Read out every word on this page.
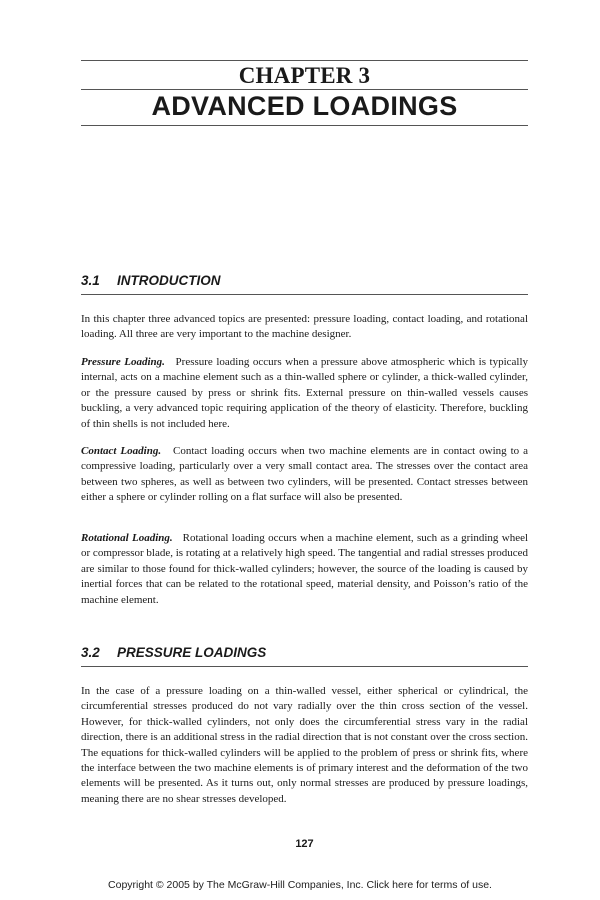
CHAPTER 3
ADVANCED LOADINGS
3.1 INTRODUCTION

In this chapter three advanced topics are presented: pressure loading, contact loading, and rotational loading. All three are very important to the machine designer.

Pressure Loading. Pressure loading occurs when a pressure above atmospheric which is typically internal, acts on a machine element such as a thin-walled sphere or cylinder, a thick-walled cylinder, or the pressure caused by press or shrink fits. External pressure on thin-walled vessels causes buckling, a very advanced topic requiring application of the theory of elasticity. Therefore, buckling of thin shells is not included here.

Contact Loading. Contact loading occurs when two machine elements are in contact owing to a compressive loading, particularly over a very small contact area. The stresses over the contact area between two spheres, as well as between two cylinders, will be presented. Contact stresses between either a sphere or cylinder rolling on a flat surface will also be presented.

Rotational Loading. Rotational loading occurs when a machine element, such as a grinding wheel or compressor blade, is rotating at a relatively high speed. The tangential and radial stresses produced are similar to those found for thick-walled cylinders; however, the source of the loading is caused by inertial forces that can be related to the rotational speed, material density, and Poisson’s ratio of the machine element.

3.2 PRESSURE LOADINGS

In the case of a pressure loading on a thin-walled vessel, either spherical or cylindrical, the circumferential stresses produced do not vary radially over the thin cross section of the vessel. However, for thick-walled cylinders, not only does the circumferential stress vary in the radial direction, there is an additional stress in the radial direction that is not constant over the cross section. The equations for thick-walled cylinders will be applied to the problem of press or shrink fits, where the interface between the two machine elements is of primary interest and the deformation of the two elements will be presented. As it turns out, only normal stresses are produced by pressure loadings, meaning there are no shear stresses developed.

127
Copyright © 2005 by The McGraw-Hill Companies, Inc. Click here for terms of use.
